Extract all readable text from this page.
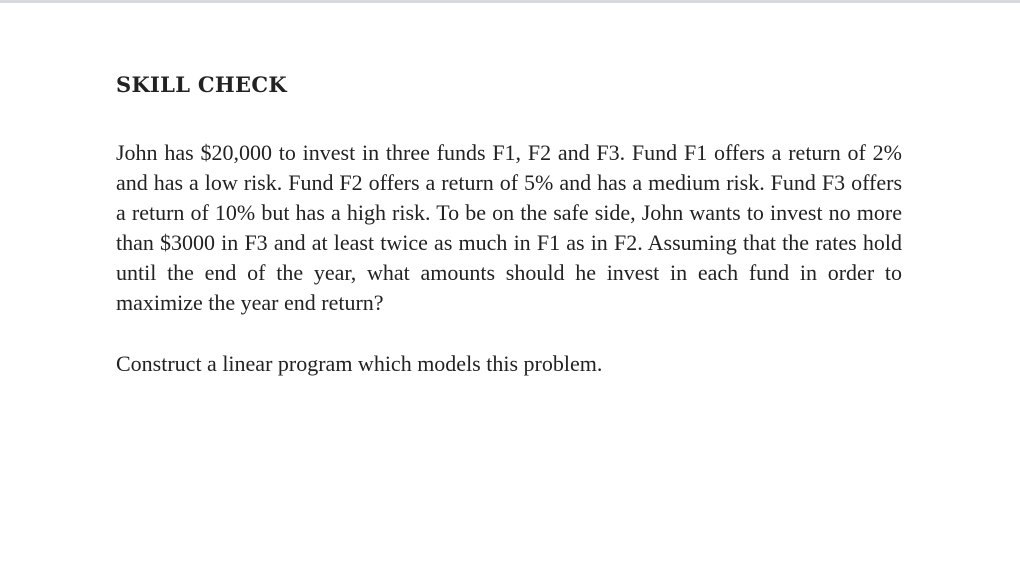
SKILL CHECK

John has $20,000 to invest in three funds F1, F2 and F3. Fund F1 offers a return of 2% and has a low risk. Fund F2 offers a return of 5% and has a medium risk. Fund F3 offers a return of 10% but has a high risk. To be on the safe side, John wants to invest no more than $3000 in F3 and at least twice as much in F1 as in F2. Assuming that the rates hold until the end of the year, what amounts should he invest in each fund in order to maximize the year end return?

Construct a linear program which models this problem.
